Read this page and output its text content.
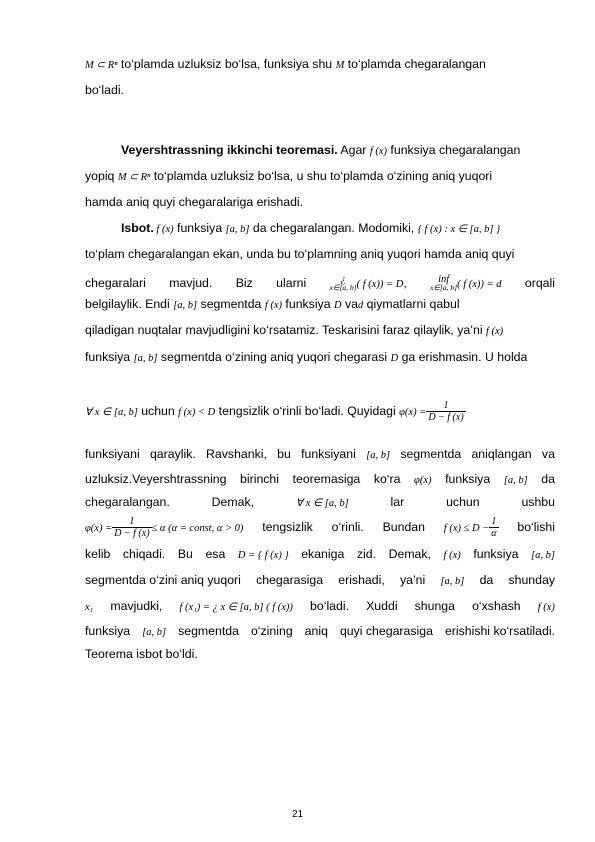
M ⊂ Rⁿ to‘plamda uzluksiz bo‘lsa, funksiya shu M to‘plamda chegaralangan
bo‘ladi.
Veyershtrassning ikkinchi teoremasi. Agar f (x) funksiya chegaralangan
yopiq M ⊂ Rⁿ to‘plamda uzluksiz bo‘lsa, u shu to‘plamda o‘zining aniq yuqori
hamda aniq quyi chegaralariga erishadi.
Isbot. f (x) funksiya [a, b] da chegaralangan. Modomiki, { f (x) : x ∈ [a, b] }
to‘plam chegaralangan ekan, unda bu to‘plamning aniq yuqori hamda aniq quyi
chegaralari mavjud. Biz ularni	¿
x∈[a, b] ( f (x)) = D,	inf
x∈[a, b] ( f (x)) = d orqali
belgilaylik. Endi [a, b] segmentda f (x) funksiya D vad qiymatlarni qabul
qiladigan nuqtalar mavjudligini ko‘rsatamiz. Teskarisini faraz qilaylik, ya’ni f (x)
funksiya [a, b] segmentda o‘zining aniq yuqori chegarasi D ga erishmasin. U holda
∀ x ∈ [a, b] uchun f (x) < D tengsizlik o‘rinli bo‘ladi. Quyidagi $\varphi(x) = \frac{1}{D - f (x)}$
funksiyani qaraylik. Ravshanki, bu funksiyani [a, b] segmentda aniqlangan va
uzluksiz.Veyershtrassning birinchi teoremasiga ko‘ra φ(x) funksiya [a, b] da
chegaralangan.	Demak,	∀ x ∈ [a, b]	lar	uchun	ushbu
$\varphi(x) = \frac{1}{D - f (x)} \le \alpha$ (α = const, α > 0) tengsizlik o‘rinli. Bundan f $(x) \le D - \frac{1}{\alpha}$ bo‘lishi
kelib chiqadi. Bu esa D = { f (x) } ekaniga zid. Demak, f (x) funksiya [a, b]
segmentda o‘zini aniq yuqori chegarasiga erishadi, ya’ni [a, b] da shunday
x₁ mavjudki, f (x₁) = ¿ x ∈ [a, b] ( f (x)) bo‘ladi. Xuddi shunga o‘xshash f (x)
funksiya [a, b] segmentda o‘zining aniq quyi chegarasiga erishishi ko‘rsatiladi.
Teorema isbot bo‘ldi.
21
